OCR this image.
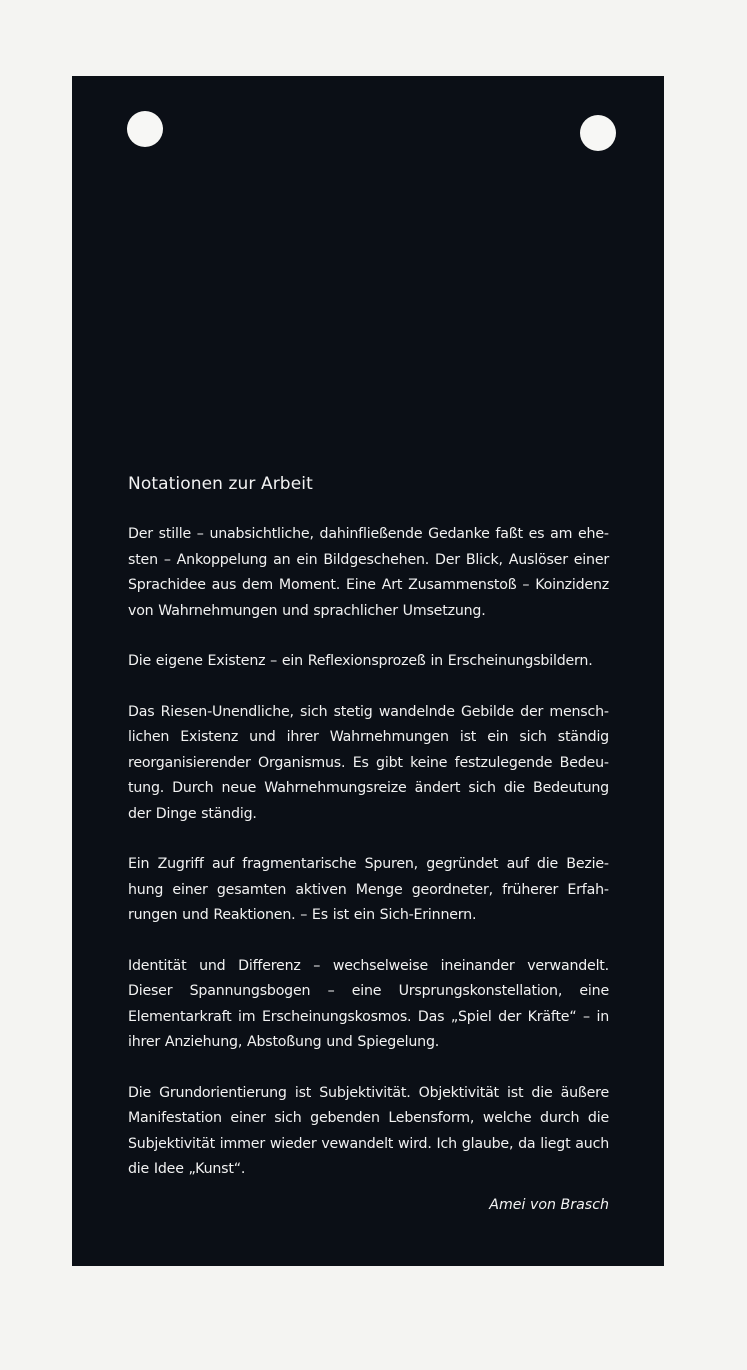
Notationen zur Arbeit

Der stille – unabsichtliche, dahinfließende Gedanke faßt es am ehesten – Ankoppelung an ein Bildgeschehen. Der Blick, Auslöser einer Sprachidee aus dem Moment. Eine Art Zusammenstoß – Koinzidenz von Wahrnehmungen und sprachlicher Umsetzung.

Die eigene Existenz – ein Reflexionsprozeß in Erscheinungsbildern.

Das Riesen-Unendliche, sich stetig wandelnde Gebilde der menschlichen Existenz und ihrer Wahrnehmungen ist ein sich ständig reorganisierender Organismus. Es gibt keine festzulegende Bedeutung. Durch neue Wahrnehmungsreize ändert sich die Bedeutung der Dinge ständig.

Ein Zugriff auf fragmentarische Spuren, gegründet auf die Beziehung einer gesamten aktiven Menge geordneter, früherer Erfahrungen und Reaktionen. – Es ist ein Sich-Erinnern.

Identität und Differenz – wechselweise ineinander verwandelt. Dieser Spannungsbogen – eine Ursprungskonstellation, eine Elementarkraft im Erscheinungskosmos. Das „Spiel der Kräfte“ – in ihrer Anziehung, Abstoßung und Spiegelung.

Die Grundorientierung ist Subjektivität. Objektivität ist die äußere Manifestation einer sich gebenden Lebensform, welche durch die Subjektivität immer wieder vewandelt wird. Ich glaube, da liegt auch die Idee „Kunst“.

Amei von Brasch
